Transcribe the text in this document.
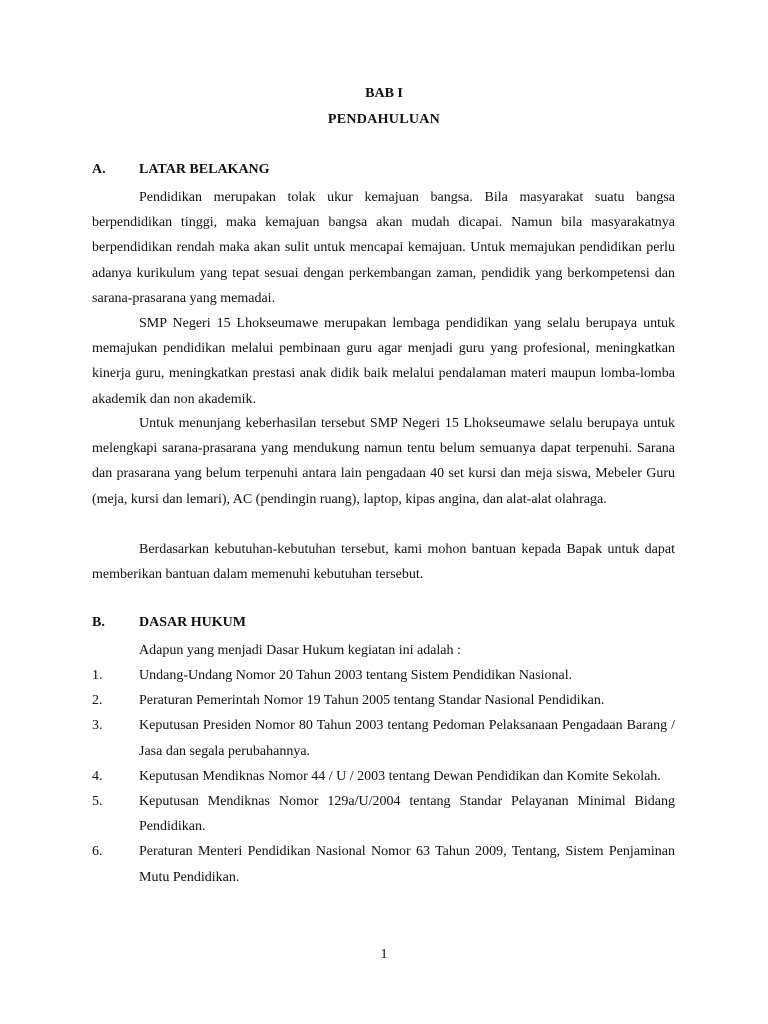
BAB I
PENDAHULUAN
A. LATAR BELAKANG

Pendidikan merupakan tolak ukur kemajuan bangsa. Bila masyarakat suatu bangsa berpendidikan tinggi, maka kemajuan bangsa akan mudah dicapai. Namun bila masyarakatnya berpendidikan rendah maka akan sulit untuk mencapai kemajuan. Untuk memajukan pendidikan perlu adanya kurikulum yang tepat sesuai dengan perkembangan zaman, pendidik yang berkompetensi dan sarana-prasarana yang memadai.

SMP Negeri 15 Lhokseumawe merupakan lembaga pendidikan yang selalu berupaya untuk memajukan pendidikan melalui pembinaan guru agar menjadi guru yang profesional, meningkatkan kinerja guru, meningkatkan prestasi anak didik baik melalui pendalaman materi maupun lomba-lomba akademik dan non akademik.

Untuk menunjang keberhasilan tersebut SMP Negeri 15 Lhokseumawe selalu berupaya untuk melengkapi sarana-prasarana yang mendukung namun tentu belum semuanya dapat terpenuhi. Sarana dan prasarana yang belum terpenuhi antara lain pengadaan 40 set kursi dan meja siswa, Mebeler Guru (meja, kursi dan lemari), AC (pendingin ruang), laptop, kipas angina, dan alat-alat olahraga.

Berdasarkan kebutuhan-kebutuhan tersebut, kami mohon bantuan kepada Bapak untuk dapat memberikan bantuan dalam memenuhi kebutuhan tersebut.

B. DASAR HUKUM

Adapun yang menjadi Dasar Hukum kegiatan ini adalah :

1.	Undang-Undang Nomor 20 Tahun 2003 tentang Sistem Pendidikan Nasional.
2.	Peraturan Pemerintah Nomor 19 Tahun 2005 tentang Standar Nasional Pendidikan.
3.	Keputusan Presiden Nomor 80 Tahun 2003 tentang Pedoman Pelaksanaan Pengadaan Barang / Jasa dan segala perubahannya.
4.	Keputusan Mendiknas Nomor 44 / U / 2003 tentang Dewan Pendidikan dan Komite Sekolah.
5.	Keputusan Mendiknas Nomor 129a/U/2004 tentang Standar Pelayanan Minimal Bidang Pendidikan.
6.	Peraturan Menteri Pendidikan Nasional Nomor 63 Tahun 2009, Tentang, Sistem Penjaminan Mutu Pendidikan.
1
